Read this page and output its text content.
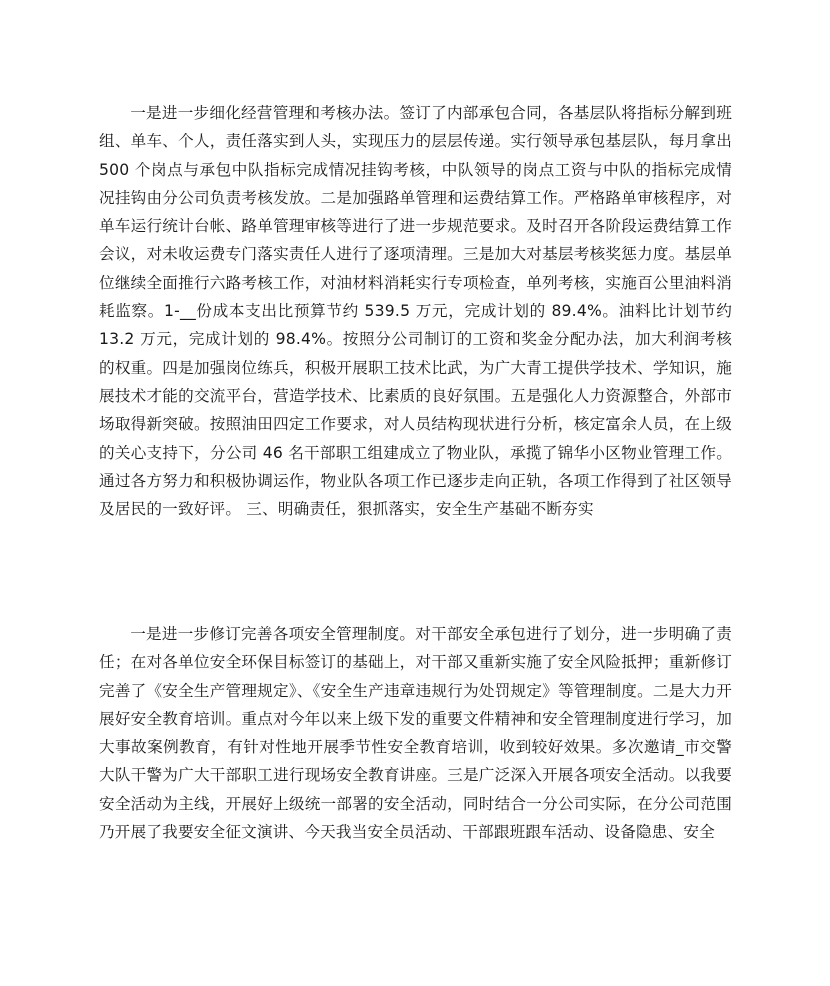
一是进一步细化经营管理和考核办法。签订了内部承包合同，各基层队将指标分解到班组、单车、个人，责任落实到人头，实现压力的层层传递。实行领导承包基层队，每月拿出 500 个岗点与承包中队指标完成情况挂钩考核，中队领导的岗点工资与中队的指标完成情况挂钩由分公司负责考核发放。二是加强路单管理和运费结算工作。严格路单审核程序，对单车运行统计台帐、路单管理审核等进行了进一步规范要求。及时召开各阶段运费结算工作会议，对未收运费专门落实责任人进行了逐项清理。三是加大对基层考核奖惩力度。基层单位继续全面推行六路考核工作，对油材料消耗实行专项检查，单列考核，实施百公里油料消耗监察。1-__份成本支出比预算节约 539.5 万元，完成计划的 89.4%。油料比计划节约 13.2 万元，完成计划的 98.4%。按照分公司制订的工资和奖金分配办法，加大利润考核的权重。四是加强岗位练兵，积极开展职工技术比武，为广大青工提供学技术、学知识，施展技术才能的交流平台，营造学技术、比素质的良好氛围。五是强化人力资源整合，外部市场取得新突破。按照油田四定工作要求，对人员结构现状进行分析，核定富余人员，在上级的关心支持下，分公司 46 名干部职工组建成立了物业队，承揽了锦华小区物业管理工作。通过各方努力和积极协调运作，物业队各项工作已逐步走向正轨，各项工作得到了社区领导及居民的一致好评。 三、明确责任，狠抓落实，安全生产基础不断夯实

一是进一步修订完善各项安全管理制度。对干部安全承包进行了划分，进一步明确了责任；在对各单位安全环保目标签订的基础上，对干部又重新实施了安全风险抵押；重新修订完善了《安全生产管理规定》、《安全生产违章违规行为处罚规定》等管理制度。二是大力开展好安全教育培训。重点对今年以来上级下发的重要文件精神和安全管理制度进行学习，加大事故案例教育，有针对性地开展季节性安全教育培训，收到较好效果。多次邀请_市交警大队干警为广大干部职工进行现场安全教育讲座。三是广泛深入开展各项安全活动。以我要安全活动为主线，开展好上级统一部署的安全活动，同时结合一分公司实际，在分公司范围乃开展了我要安全征文演讲、今天我当安全员活动、干部跟班跟车活动、设备隐患、安全
